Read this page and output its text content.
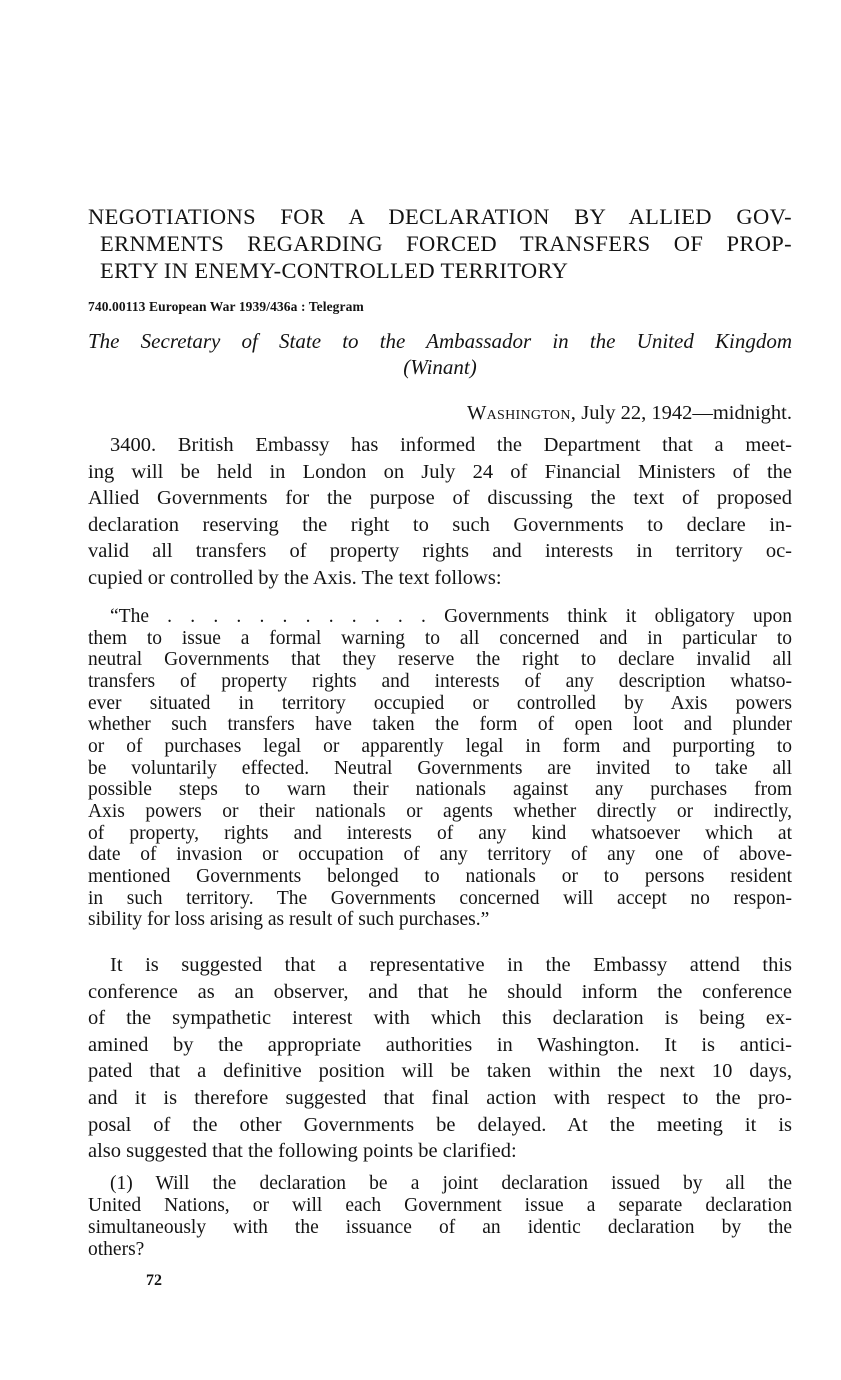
NEGOTIATIONS FOR A DECLARATION BY ALLIED GOV-
ERNMENTS REGARDING FORCED TRANSFERS OF PROP-
ERTY IN ENEMY-CONTROLLED TERRITORY
740.00113 European War 1939/436a : Telegram

The Secretary of State to the Ambassador in the United Kingdom
(Winant)

Washington, July 22, 1942—midnight.

3400. British Embassy has informed the Department that a meet-
ing will be held in London on July 24 of Financial Ministers of the
Allied Governments for the purpose of discussing the text of proposed
declaration reserving the right to such Governments to declare in-
valid all transfers of property rights and interests in territory oc-
cupied or controlled by the Axis. The text follows:

“The . . . . . . . . . . . . Governments think it obligatory upon
them to issue a formal warning to all concerned and in particular to
neutral Governments that they reserve the right to declare invalid all
transfers of property rights and interests of any description whatso-
ever situated in territory occupied or controlled by Axis powers
whether such transfers have taken the form of open loot and plunder
or of purchases legal or apparently legal in form and purporting to
be voluntarily effected. Neutral Governments are invited to take all
possible steps to warn their nationals against any purchases from
Axis powers or their nationals or agents whether directly or indirectly,
of property, rights and interests of any kind whatsoever which at
date of invasion or occupation of any territory of any one of above-
mentioned Governments belonged to nationals or to persons resident
in such territory. The Governments concerned will accept no respon-
sibility for loss arising as result of such purchases.”

It is suggested that a representative in the Embassy attend this
conference as an observer, and that he should inform the conference
of the sympathetic interest with which this declaration is being ex-
amined by the appropriate authorities in Washington. It is antici-
pated that a definitive position will be taken within the next 10 days,
and it is therefore suggested that final action with respect to the pro-
posal of the other Governments be delayed. At the meeting it is
also suggested that the following points be clarified:

(1) Will the declaration be a joint declaration issued by all the
United Nations, or will each Government issue a separate declaration
simultaneously with the issuance of an identic declaration by the
others?

72
